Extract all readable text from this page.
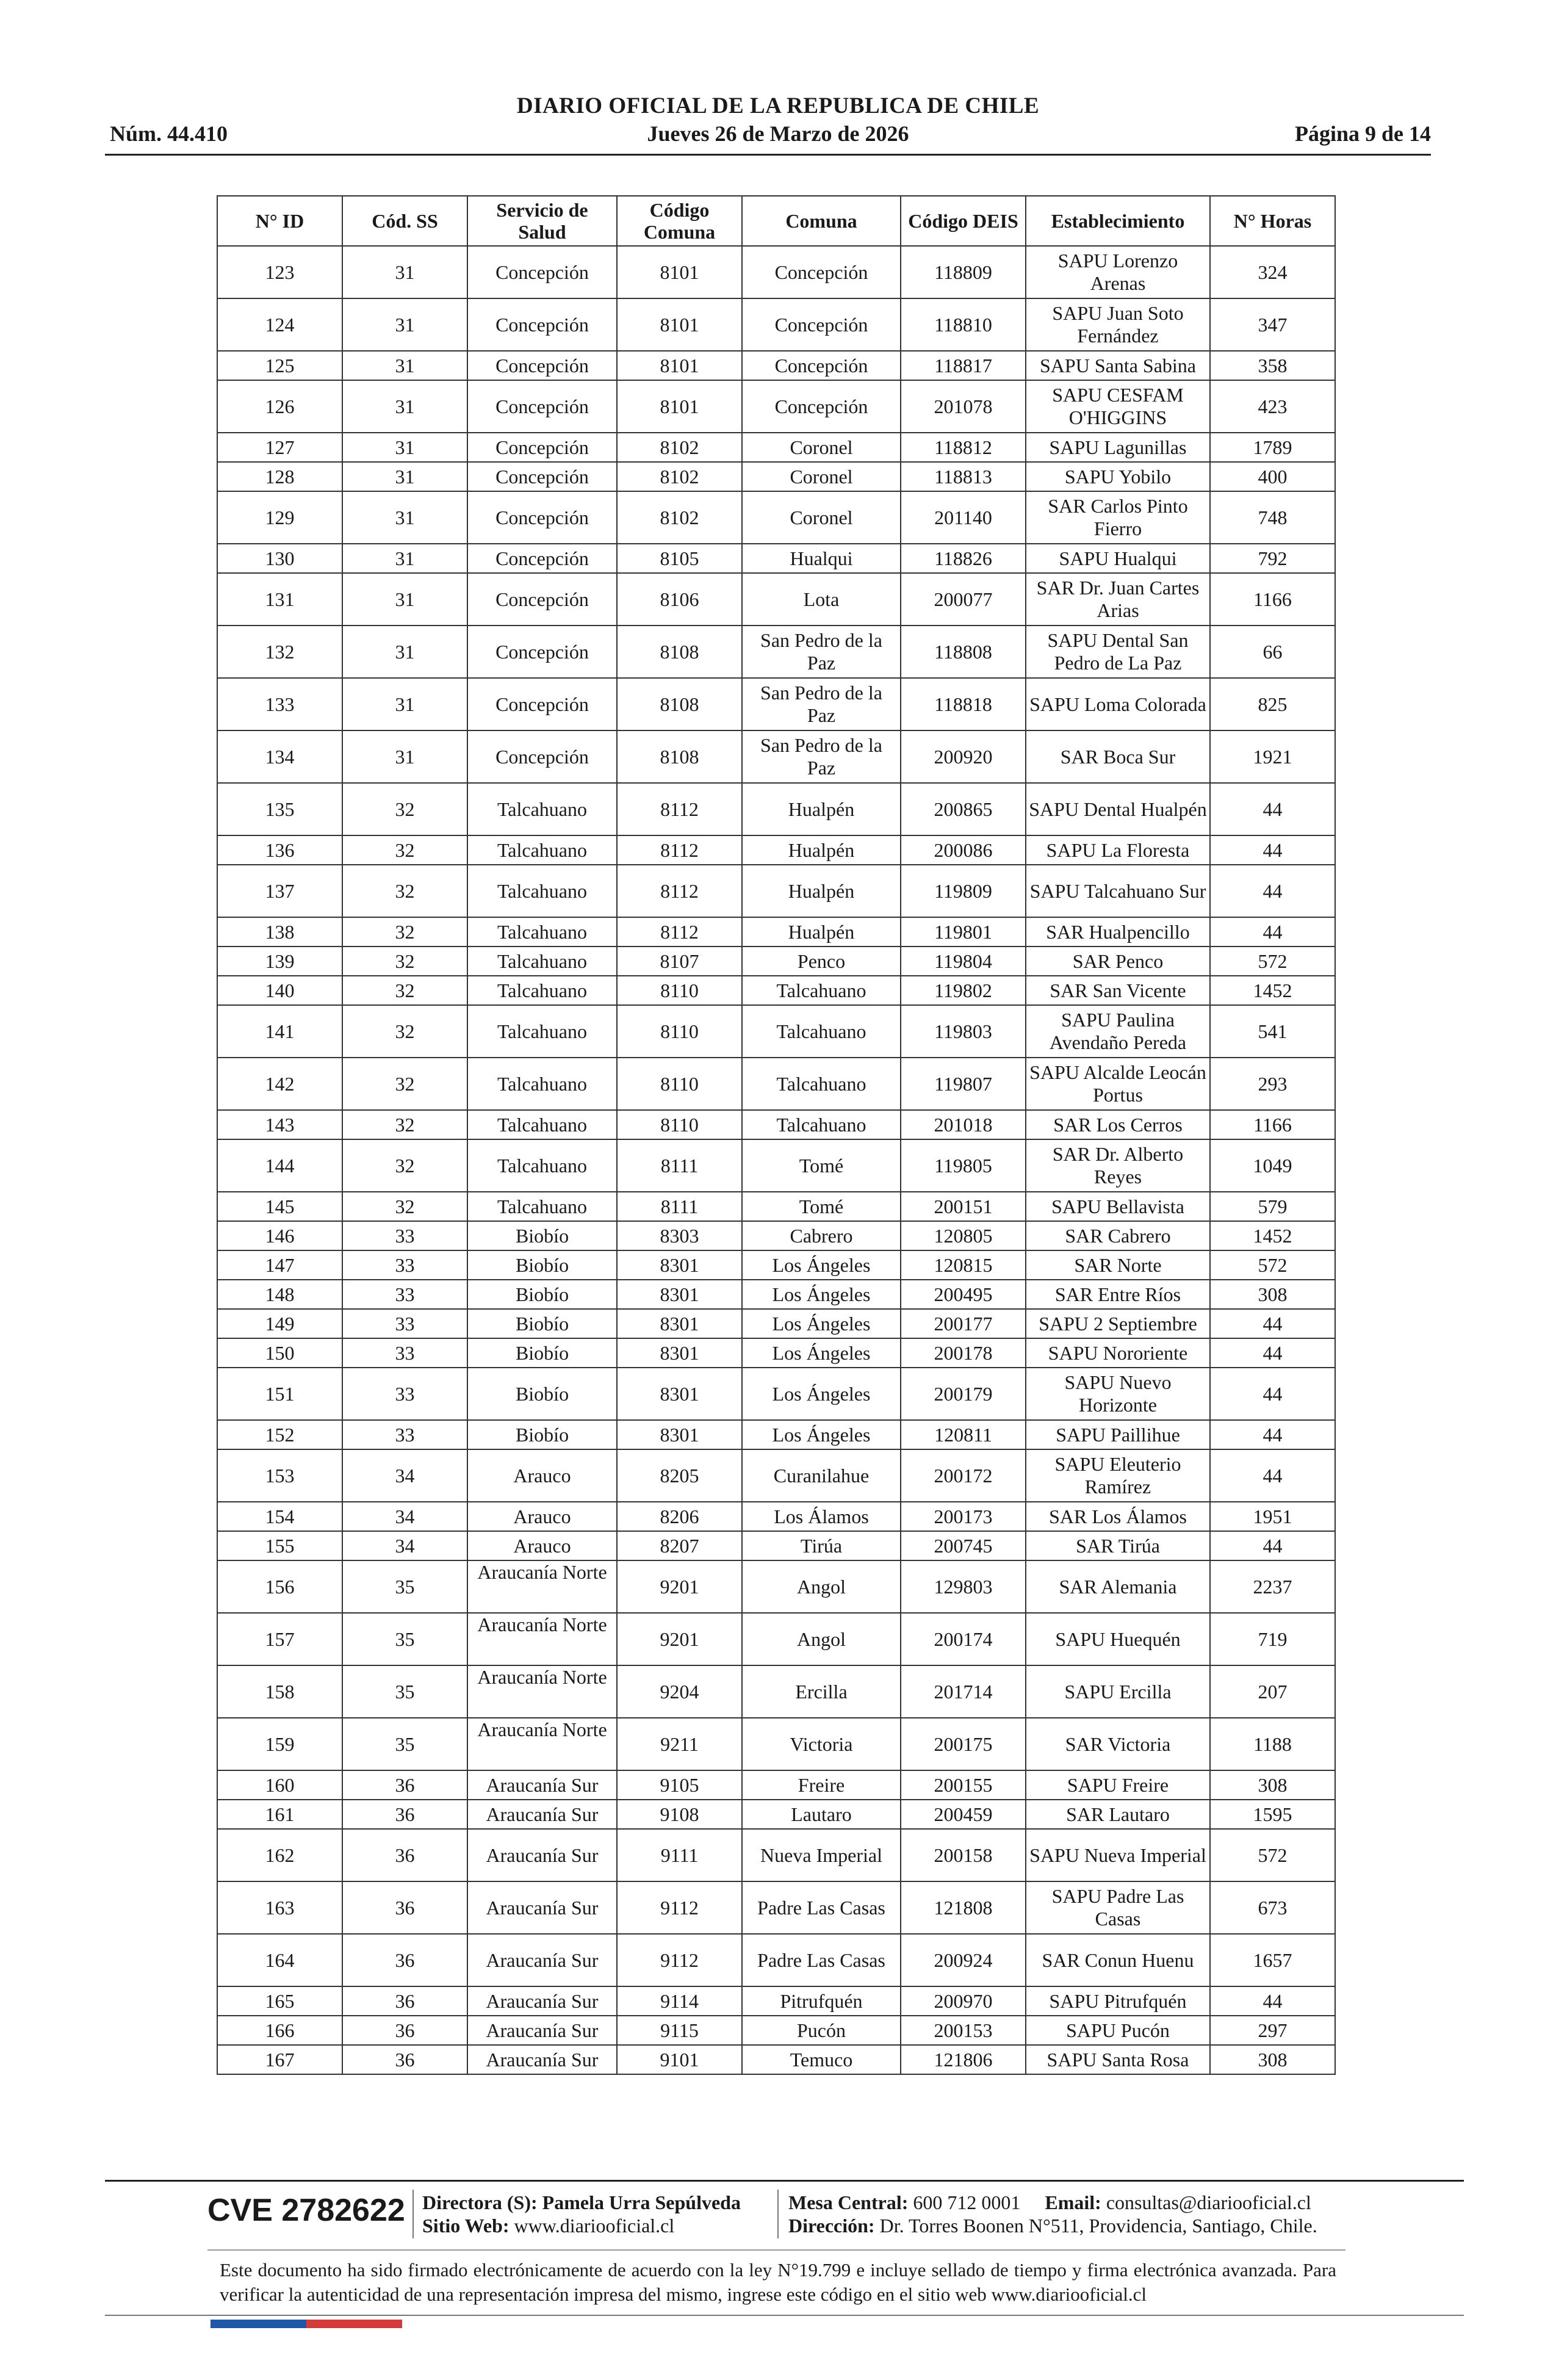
DIARIO OFICIAL DE LA REPUBLICA DE CHILE
Núm. 44.410	Jueves 26 de Marzo de 2026	Página 9 de 14
N° ID	Cód. SS	Servicio de Salud	Código Comuna	Comuna	Código DEIS	Establecimiento	N° Horas
123	31	Concepción	8101	Concepción	118809	SAPU Lorenzo Arenas	324
124	31	Concepción	8101	Concepción	118810	SAPU Juan Soto Fernández	347
125	31	Concepción	8101	Concepción	118817	SAPU Santa Sabina	358
126	31	Concepción	8101	Concepción	201078	SAPU CESFAM O'HIGGINS	423
127	31	Concepción	8102	Coronel	118812	SAPU Lagunillas	1789
128	31	Concepción	8102	Coronel	118813	SAPU Yobilo	400
129	31	Concepción	8102	Coronel	201140	SAR Carlos Pinto Fierro	748
130	31	Concepción	8105	Hualqui	118826	SAPU Hualqui	792
131	31	Concepción	8106	Lota	200077	SAR Dr. Juan Cartes Arias	1166
132	31	Concepción	8108	San Pedro de la Paz	118808	SAPU Dental San Pedro de La Paz	66
133	31	Concepción	8108	San Pedro de la Paz	118818	SAPU Loma Colorada	825
134	31	Concepción	8108	San Pedro de la Paz	200920	SAR Boca Sur	1921
135	32	Talcahuano	8112	Hualpén	200865	SAPU Dental Hualpén	44
136	32	Talcahuano	8112	Hualpén	200086	SAPU La Floresta	44
137	32	Talcahuano	8112	Hualpén	119809	SAPU Talcahuano Sur	44
138	32	Talcahuano	8112	Hualpén	119801	SAR Hualpencillo	44
139	32	Talcahuano	8107	Penco	119804	SAR Penco	572
140	32	Talcahuano	8110	Talcahuano	119802	SAR San Vicente	1452
141	32	Talcahuano	8110	Talcahuano	119803	SAPU Paulina Avendaño Pereda	541
142	32	Talcahuano	8110	Talcahuano	119807	SAPU Alcalde Leocán Portus	293
143	32	Talcahuano	8110	Talcahuano	201018	SAR Los Cerros	1166
144	32	Talcahuano	8111	Tomé	119805	SAR Dr. Alberto Reyes	1049
145	32	Talcahuano	8111	Tomé	200151	SAPU Bellavista	579
146	33	Biobío	8303	Cabrero	120805	SAR Cabrero	1452
147	33	Biobío	8301	Los Ángeles	120815	SAR Norte	572
148	33	Biobío	8301	Los Ángeles	200495	SAR Entre Ríos	308
149	33	Biobío	8301	Los Ángeles	200177	SAPU 2 Septiembre	44
150	33	Biobío	8301	Los Ángeles	200178	SAPU Nororiente	44
151	33	Biobío	8301	Los Ángeles	200179	SAPU Nuevo Horizonte	44
152	33	Biobío	8301	Los Ángeles	120811	SAPU Paillihue	44
153	34	Arauco	8205	Curanilahue	200172	SAPU Eleuterio Ramírez	44
154	34	Arauco	8206	Los Álamos	200173	SAR Los Álamos	1951
155	34	Arauco	8207	Tirúa	200745	SAR Tirúa	44
156	35	Araucanía Norte	9201	Angol	129803	SAR Alemania	2237
157	35	Araucanía Norte	9201	Angol	200174	SAPU Huequén	719
158	35	Araucanía Norte	9204	Ercilla	201714	SAPU Ercilla	207
159	35	Araucanía Norte	9211	Victoria	200175	SAR Victoria	1188
160	36	Araucanía Sur	9105	Freire	200155	SAPU Freire	308
161	36	Araucanía Sur	9108	Lautaro	200459	SAR Lautaro	1595
162	36	Araucanía Sur	9111	Nueva Imperial	200158	SAPU Nueva Imperial	572
163	36	Araucanía Sur	9112	Padre Las Casas	121808	SAPU Padre Las Casas	673
164	36	Araucanía Sur	9112	Padre Las Casas	200924	SAR Conun Huenu	1657
165	36	Araucanía Sur	9114	Pitrufquén	200970	SAPU Pitrufquén	44
166	36	Araucanía Sur	9115	Pucón	200153	SAPU Pucón	297
167	36	Araucanía Sur	9101	Temuco	121806	SAPU Santa Rosa	308
CVE 2782622 Directora (S): Pamela Urra Sepúlveda
Sitio Web: www.diariooficial.cl
Mesa Central: 600 712 0001 Email: consultas@diariooficial.cl
Dirección: Dr. Torres Boonen N°511, Providencia, Santiago, Chile.
Este documento ha sido firmado electrónicamente de acuerdo con la ley N°19.799 e incluye sellado de tiempo y firma electrónica avanzada. Para verificar la autenticidad de una representación impresa del mismo, ingrese este código en el sitio web www.diariooficial.cl
